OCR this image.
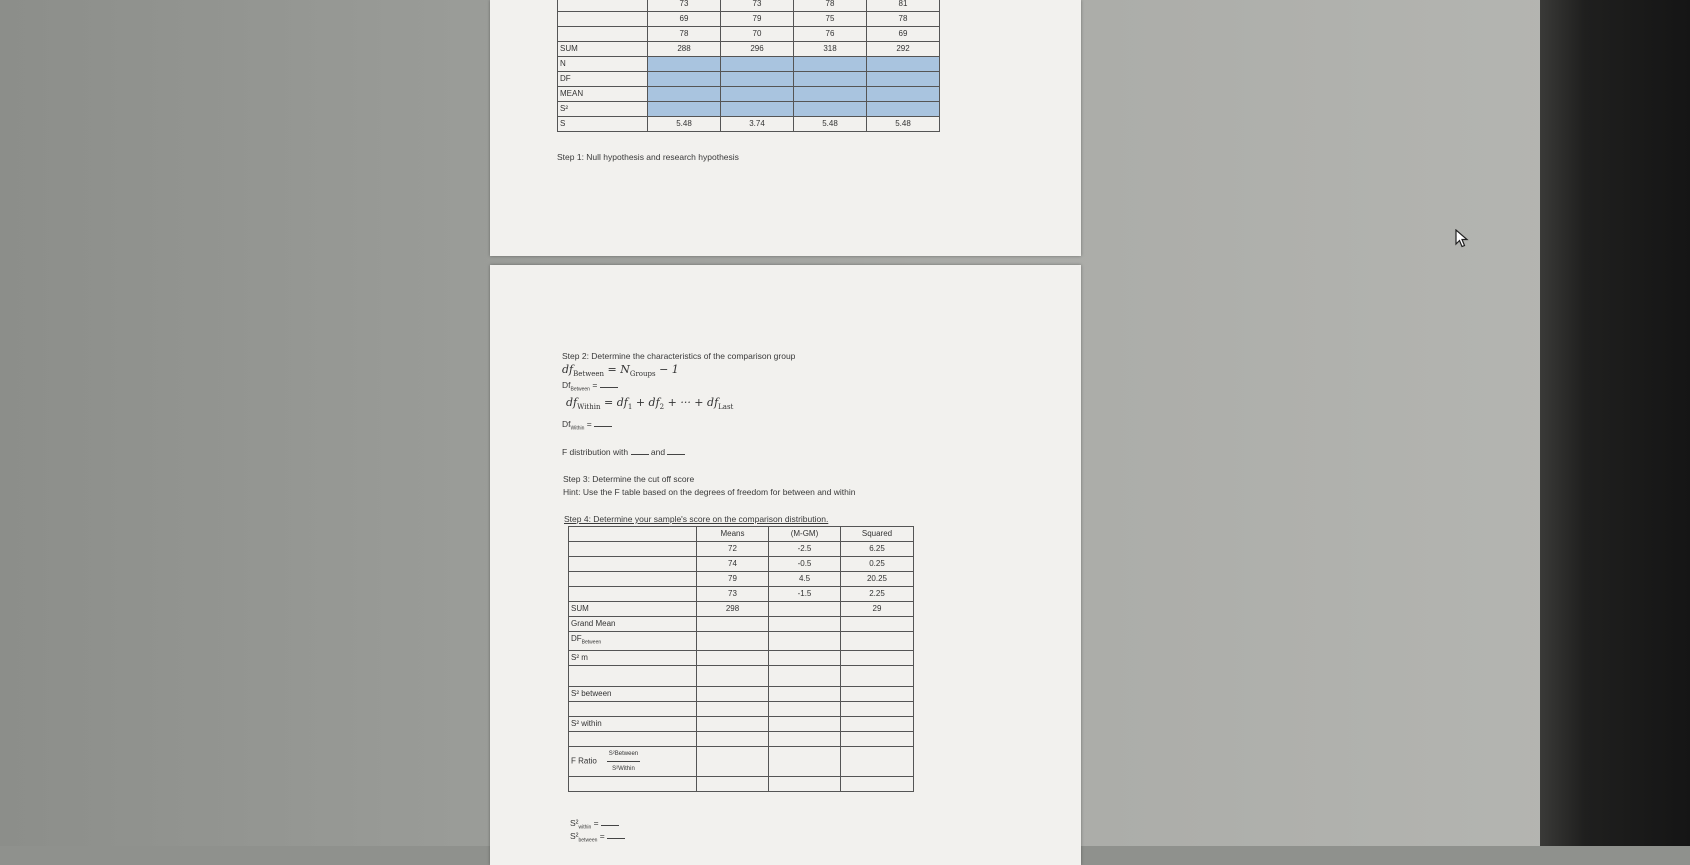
	73	73	78	81
	69	79	75	78
	78	70	76	69
SUM	288	296	318	292
N				
DF				
MEAN				
S²				
S	5.48	3.74	5.48	5.48
Step 1: Null hypothesis and research hypothesis
Step 2: Determine the characteristics of the comparison group
$df_{Between} = N_{Groups} - 1$
$Df_{Between}$ =
$df_{Within} = df_1 + df_2$ + ··· + $df_{Last}$
$Df_{Within}$ =
F distribution with	and
Step 3: Determine the cut off score
Hint: Use the F table based on the degrees of freedom for between and within
Step 4: Determine your sample's score on the comparison distribution.
	Means	(M-GM)	Squared
	72	-2.5	6.25
	74	-0.5	0.25
	79	4.5	20.25
	73	-1.5	2.25
SUM	298		29
Grand Mean			
$DF_{Between}$			
S² m			

S² between			

S² within			

F Ratio $\frac{\text{S²Between}}{\text{S²Within}}$

$S^2_{within}$ =
$S^2_{between}$ =
